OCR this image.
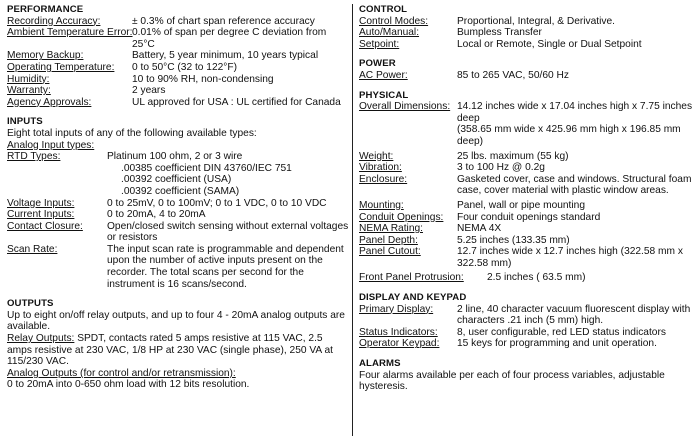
PERFORMANCE
Recording Accuracy:	± 0.3% of chart span reference accuracy
Ambient Temperature Error: 0.01% of span per degree C deviation from 25°C
Memory Backup:	Battery, 5 year minimum, 10 years typical
Operating Temperature:	0 to 50°C (32 to 122°F)
Humidity:	10 to 90% RH, non-condensing
Warranty:	2 years
Agency Approvals:	UL approved for USA : UL certified for Canada
INPUTS
Eight total inputs of any of the following available types:
Analog Input types:
RTD Types:	Platinum 100 ohm, 2 or 3 wire
.00385 coefficient DIN 43760/IEC 751
.00392 coefficient (USA)
.00392 coefficient (SAMA)
Voltage Inputs:	0 to 25mV, 0 to 100mV; 0 to 1 VDC, 0 to 10 VDC
Current Inputs:	0 to 20mA, 4 to 20mA
Contact Closure:	Open/closed switch sensing without external voltages or resistors
Scan Rate:	The input scan rate is programmable and dependent upon the number of active inputs present on the recorder. The total scans per second for the instrument is 16 scans/second.
OUTPUTS
Up to eight on/off relay outputs, and up to four 4 - 20mA analog outputs are available.
Relay Outputs: SPDT, contacts rated 5 amps resistive at 115 VAC, 2.5 amps resistive at 230 VAC, 1/8 HP at 230 VAC (single phase), 250 VA at 115/230 VAC.
Analog Outputs (for control and/or retransmission):
0 to 20mA into 0-650 ohm load with 12 bits resolution.
CONTROL
Control Modes:	Proportional, Integral, & Derivative.
Auto/Manual:	Bumpless Transfer
Setpoint:	Local or Remote, Single or Dual Setpoint
POWER
AC Power:	85 to 265 VAC, 50/60 Hz
PHYSICAL
Overall Dimensions: 14.12 inches wide x 17.04 inches high x 7.75 inches deep
(358.65 mm wide x 425.96 mm high x 196.85 mm deep)
Weight:	25 lbs. maximum (55 kg)
Vibration:	3 to 100 Hz @ 0.2g
Enclosure:	Gasketed cover, case and windows. Structural foam case, cover material with plastic window areas.
Mounting:	Panel, wall or pipe mounting
Conduit Openings:	Four conduit openings standard
NEMA Rating:	NEMA 4X
Panel Depth:	5.25 inches (133.35 mm)
Panel Cutout:	12.7 inches wide x 12.7 inches high (322.58 mm x 322.58 mm)
Front Panel Protrusion:	2.5 inches ( 63.5 mm)
DISPLAY AND KEYPAD
Primary Display:	2 line, 40 character vacuum fluorescent display with characters .21 inch (5 mm) high.
Status Indicators:	8, user configurable, red LED status indicators
Operator Keypad:	15 keys for programming and unit operation.
ALARMS
Four alarms available per each of four process variables, adjustable hysteresis.
